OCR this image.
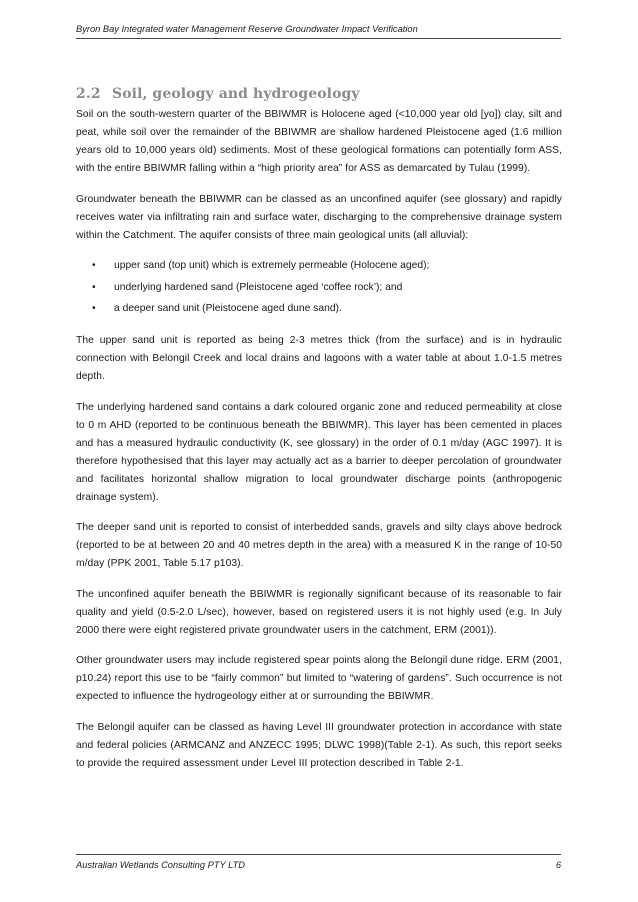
Byron Bay Integrated water Management Reserve Groundwater Impact Verification
2.2 Soil, geology and hydrogeology

Soil on the south-western quarter of the BBIWMR is Holocene aged (<10,000 year old [yo]) clay, silt and peat, while soil over the remainder of the BBIWMR are shallow hardened Pleistocene aged (1.6 million years old to 10,000 years old) sediments. Most of these geological formations can potentially form ASS, with the entire BBIWMR falling within a “high priority area” for ASS as demarcated by Tulau (1999).

Groundwater beneath the BBIWMR can be classed as an unconfined aquifer (see glossary) and rapidly receives water via infiltrating rain and surface water, discharging to the comprehensive drainage system within the Catchment. The aquifer consists of three main geological units (all alluvial):

• upper sand (top unit) which is extremely permeable (Holocene aged);
• underlying hardened sand (Pleistocene aged ‘coffee rock’); and
• a deeper sand unit (Pleistocene aged dune sand).

The upper sand unit is reported as being 2-3 metres thick (from the surface) and is in hydraulic connection with Belongil Creek and local drains and lagoons with a water table at about 1.0-1.5 metres depth.

The underlying hardened sand contains a dark coloured organic zone and reduced permeability at close to 0 m AHD (reported to be continuous beneath the BBIWMR). This layer has been cemented in places and has a measured hydraulic conductivity (K, see glossary) in the order of 0.1 m/day (AGC 1997). It is therefore hypothesised that this layer may actually act as a barrier to deeper percolation of groundwater and facilitates horizontal shallow migration to local groundwater discharge points (anthropogenic drainage system).

The deeper sand unit is reported to consist of interbedded sands, gravels and silty clays above bedrock (reported to be at between 20 and 40 metres depth in the area) with a measured K in the range of 10-50 m/day (PPK 2001, Table 5.17 p103).

The unconfined aquifer beneath the BBIWMR is regionally significant because of its reasonable to fair quality and yield (0.5-2.0 L/sec), however, based on registered users it is not highly used (e.g. In July 2000 there were eight registered private groundwater users in the catchment, ERM (2001)).

Other groundwater users may include registered spear points along the Belongil dune ridge. ERM (2001, p10.24) report this use to be “fairly common” but limited to “watering of gardens”. Such occurrence is not expected to influence the hydrogeology either at or surrounding the BBIWMR.

The Belongil aquifer can be classed as having Level III groundwater protection in accordance with state and federal policies (ARMCANZ and ANZECC 1995; DLWC 1998)(Table 2-1). As such, this report seeks to provide the required assessment under Level III protection described in Table 2-1.

Australian Wetlands Consulting PTY LTD	6
